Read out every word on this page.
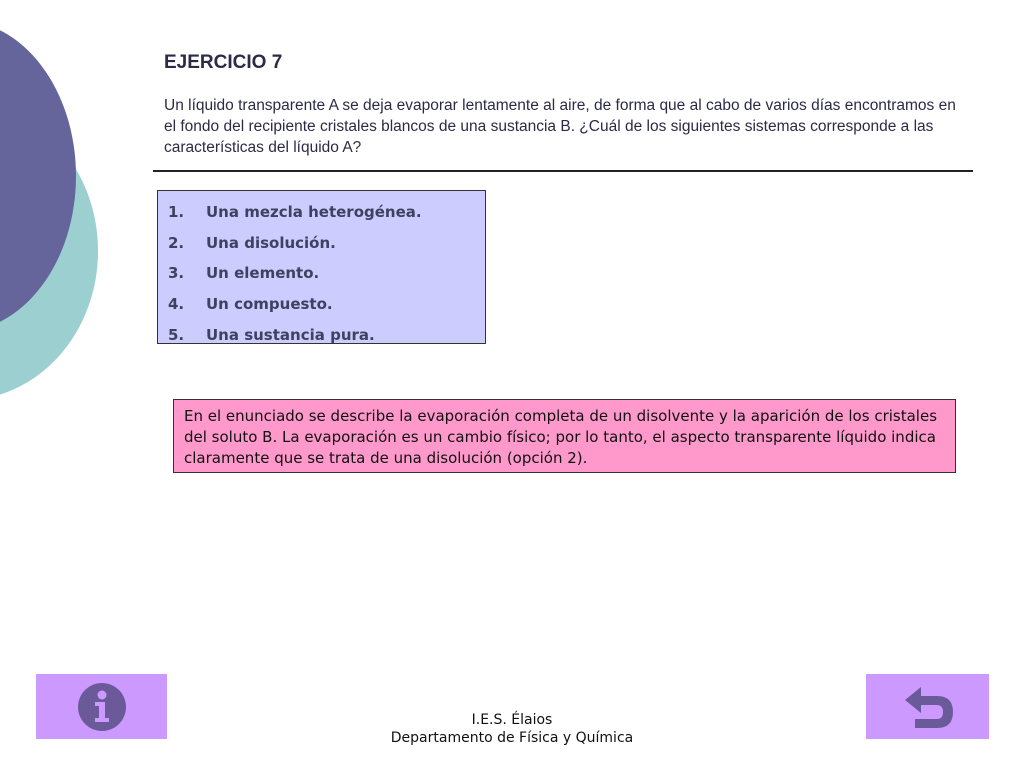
EJERCICIO 7
Un líquido transparente A se deja evaporar lentamente al aire, de forma que al cabo de varios días encontramos en el fondo del recipiente cristales blancos de una sustancia B. ¿Cuál de los siguientes sistemas corresponde a las características del líquido A?
1.	Una mezcla heterogénea.
2.	Una disolución.
3.	Un elemento.
4.	Un compuesto.
5.	Una sustancia pura.
En el enunciado se describe la evaporación completa de un disolvente y la aparición de los cristales del soluto B. La evaporación es un cambio físico; por lo tanto, el aspecto transparente líquido indica claramente que se trata de una disolución (opción 2).
I.E.S. Élaios
Departamento de Física y Química
